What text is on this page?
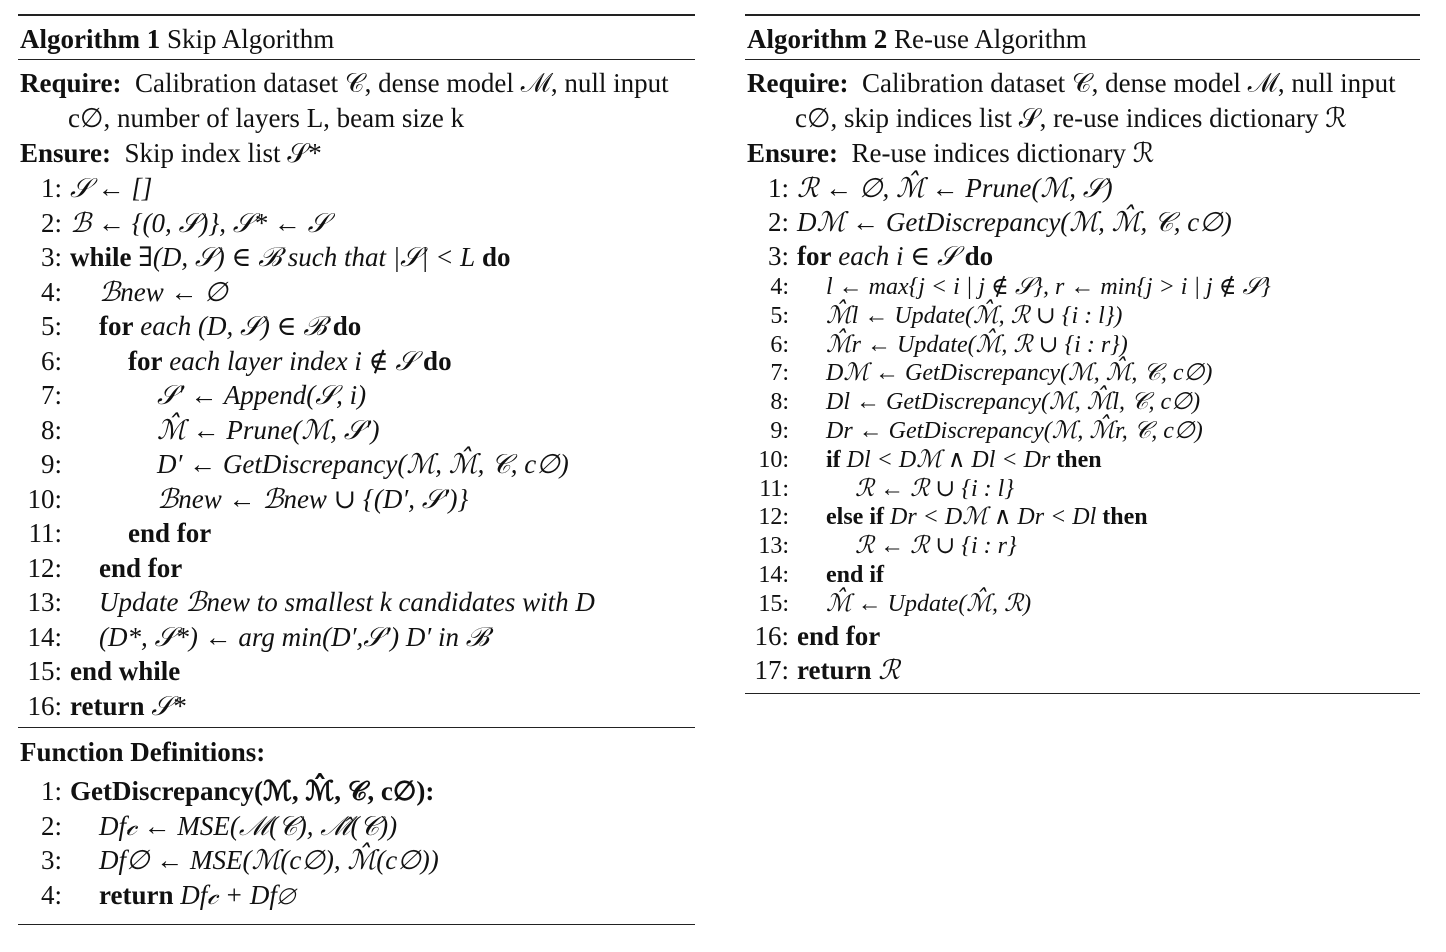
Algorithm 1 Skip Algorithm
Require: Calibration dataset 𝒞, dense model ℳ, null input
c∅, number of layers L, beam size k
Ensure: Skip index list 𝒮*
1: 𝒮 ← []
2: ℬ ← {(0, 𝒮)}, 𝒮* ← 𝒮
3: while ∃(D, 𝒮) ∈ ℬ such that |𝒮| < L do
4:	ℬnew ← ∅
5:	for each (D, 𝒮) ∈ ℬ do
6:	for each layer index i ∉ 𝒮 do
7:	𝒮′ ← Append(𝒮, i)
8:	ℳ̂ ← Prune(ℳ, 𝒮′)
9:	D′ ← GetDiscrepancy(ℳ, ℳ̂, 𝒞, c∅)
10:	ℬnew ← ℬnew ∪ {(D′, 𝒮′)}
11:	end for
12:	end for
13:	Update ℬnew to smallest k candidates with D
14:	(D*, 𝒮*) ← arg min(D′,𝒮′) D′ in ℬ
15: end while
16: return 𝒮*
Function Definitions:
1: GetDiscrepancy(ℳ, ℳ̂, 𝒞, c∅):
2:	Df𝒸 ← MSE(ℳ(𝒞), ℳ̂(𝒞))
3:	Df∅ ← MSE(ℳ(c∅), ℳ̂(c∅))
4:	return Df𝒸 + Df∅
Algorithm 2 Re-use Algorithm
Require: Calibration dataset 𝒞, dense model ℳ, null input
c∅, skip indices list 𝒮, re-use indices dictionary ℛ
Ensure: Re-use indices dictionary ℛ
1: ℛ ← ∅, ℳ̂ ← Prune(ℳ, 𝒮)
2: Dℳ ← GetDiscrepancy(ℳ, ℳ̂, 𝒞, c∅)
3: for each i ∈ 𝒮 do
4:	l ← max{j < i | j ∉ 𝒮}, r ← min{j > i | j ∉ 𝒮}
5:	ℳ̂l ← Update(ℳ̂, ℛ ∪ {i : l})
6:	ℳ̂r ← Update(ℳ̂, ℛ ∪ {i : r})
7:	Dℳ ← GetDiscrepancy(ℳ, ℳ̂, 𝒞, c∅)
8:	Dl ← GetDiscrepancy(ℳ, ℳ̂l, 𝒞, c∅)
9:	Dr ← GetDiscrepancy(ℳ, ℳ̂r, 𝒞, c∅)
10:	if Dl < Dℳ ∧ Dl < Dr then
11:	ℛ ← ℛ ∪ {i : l}
12:	else if Dr < Dℳ ∧ Dr < Dl then
13:	ℛ ← ℛ ∪ {i : r}
14:	end if
15:	ℳ̂ ← Update(ℳ̂, ℛ)
16: end for
17: return ℛ
